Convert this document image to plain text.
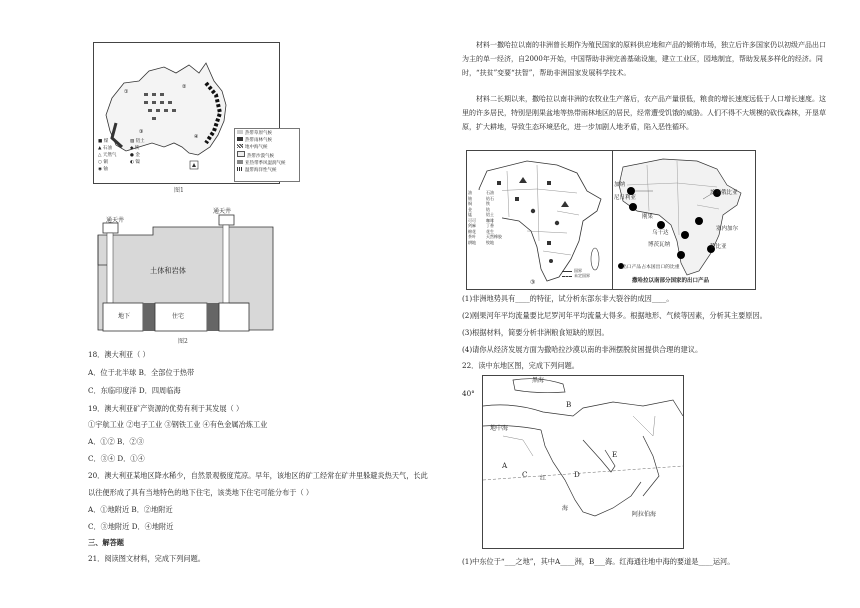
①
②
③
④
热带草原气候
热带雨林气候
地中海气候
热带沙漠气候
亚热带季风湿润气候
温带海洋性气候
■ 煤	▨ 铝土
▲ 石油	◆ 铁
△ 天然气	● 金
○ 铜	◐ 镍
◉ 铀
图1
通天井
通天井
土体和岩体
地下	住宅
图2
18．澳大利亚（ ）
A．位于北半球 B．全部位于热带
C．东临印度洋 D．四周临海
19．澳大利亚矿产资源的优势有利于其发展（ ）
①宇航工业 ②电子工业 ③钢铁工业 ④有色金属冶炼工业
A．①② B．②③
C．③④ D．①④
20．澳大利亚某地区降水稀少，自然景观极度荒凉。早年，该地区的矿工经常在矿井里躲避炎热天气，长此
以往便形成了具有当地特色的地下住宅，该类地下住宅可能分布于（ ）
A．①地附近 B．②地附近
C．③地附近 D．④地附近
三、解答题
21．阅读图文材料，完成下列问题。
材料一撒哈拉以南的非洲曾长期作为殖民国家的原料供应地和产品的倾销市场，独立后许多国家仍以初级产品出口为主的单一经济，自2000年开始，中国帮助非洲完善基础设施，建立工业区，园地制宜，帮助发展多样化的经济。同时，“扶贫”变要“扶智”，帮助非洲国家发展科学技术。
材料二长期以来，撒哈拉以南非洲的农牧业生产落后，农产品产量很低，粮食的增长速度远低于人口增长速度。这里的许多居民，特别是刚果盆地等热带雨林地区的居民，经常遭受饥饿的威胁。人们不得不大规模的砍伐森林，开垦草原，扩大耕地，导致生态环境恶化，进一步加剧人地矛盾，陷入恶性循环。
油	石油
铀	钻石
铜	铁
金	钴
锰	铝土
可可	咖啡
剑麻	丁香
棉花	花生
茶叶	天然橡胶
耕地	牧地
③
加纳
尼日利亚
刚果
乌干达
博茨瓦纳	赞比亚
塞内加尔
埃塞俄比亚
出口产品占本国出口的比重
撒哈拉以南部分国家的出口产品
国界
未定国界
(1)非洲地势具有____的特征，试分析东部东非大裂谷的成因____。
(2)刚果河年平均流量要比尼罗河年平均流量大得多。根据地形、气候等因素，分析其主要原因。
(3)根据材料，简要分析非洲粮食短缺的原因。
(4)请你从经济发展方面为撒哈拉沙漠以南的非洲摆脱贫困提供合理的建议。
22．读中东地区图，完成下列问题。
40°
黑海
地中海
红
海
阿拉伯海
A
B
C	D
E
(1)中东位于“___之地”，其中A____洲，B___海。红海通往地中海的要道是____运河。
